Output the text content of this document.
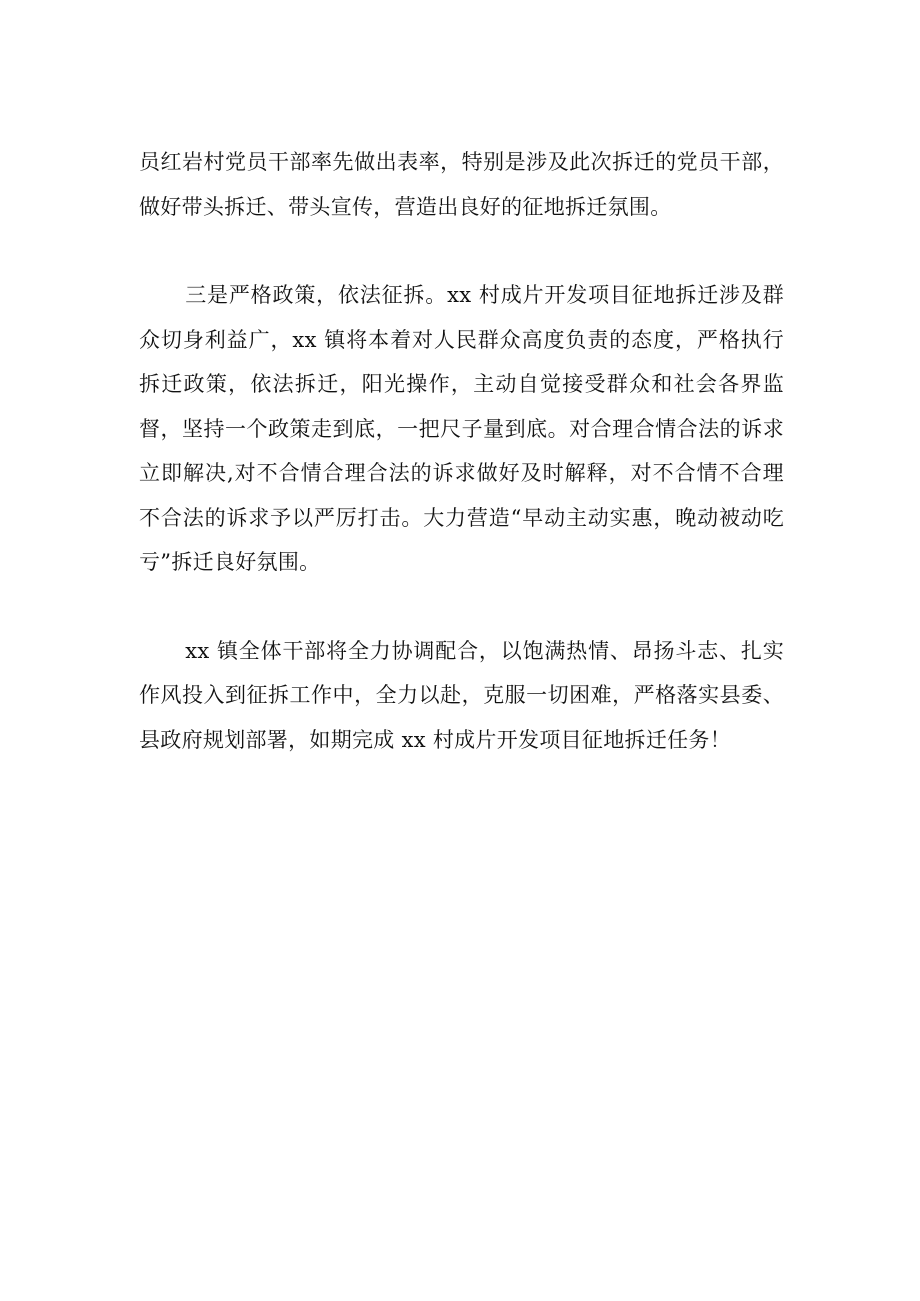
员红岩村党员干部率先做出表率，特别是涉及此次拆迁的党员干部，做好带头拆迁、带头宣传，营造出良好的征地拆迁氛围。

三是严格政策，依法征拆。xx 村成片开发项目征地拆迁涉及群众切身利益广，xx 镇将本着对人民群众高度负责的态度，严格执行拆迁政策，依法拆迁，阳光操作，主动自觉接受群众和社会各界监督，坚持一个政策走到底，一把尺子量到底。对合理合情合法的诉求立即解决,对不合情合理合法的诉求做好及时解释，对不合情不合理不合法的诉求予以严厉打击。大力营造“早动主动实惠，晚动被动吃亏”拆迁良好氛围。

xx 镇全体干部将全力协调配合，以饱满热情、昂扬斗志、扎实作风投入到征拆工作中，全力以赴，克服一切困难，严格落实县委、县政府规划部署，如期完成 xx 村成片开发项目征地拆迁任务！
